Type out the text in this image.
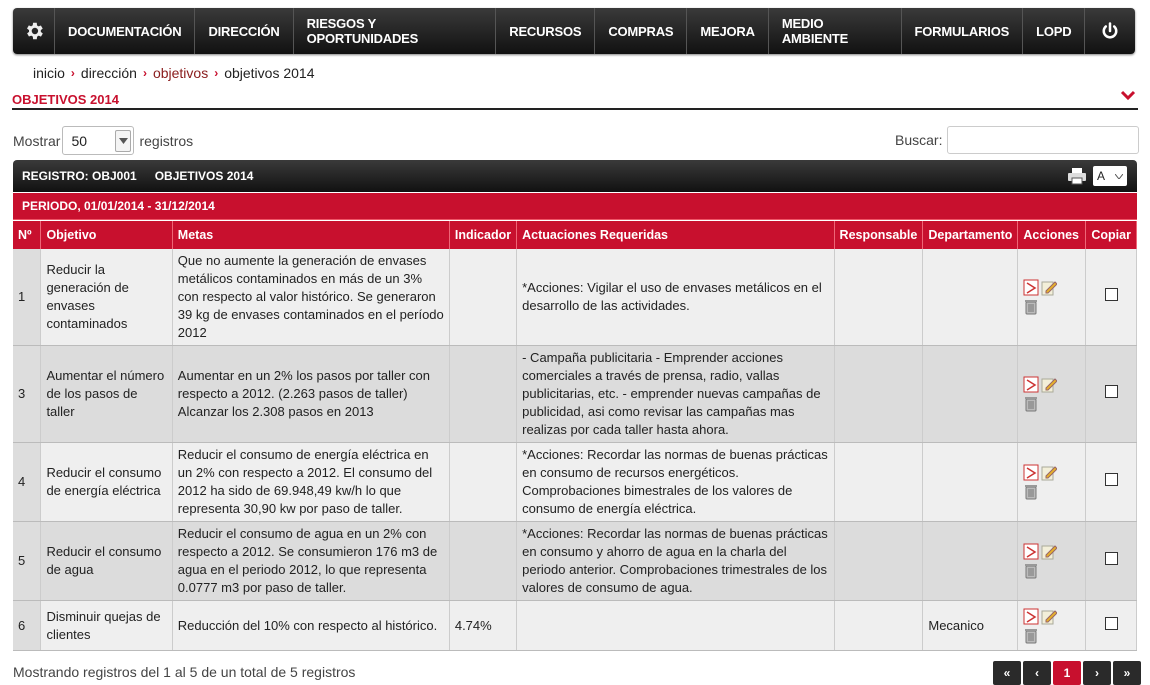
DOCUMENTACIÓN	DIRECCIÓN	RIESGOS Y OPORTUNIDADES	RECURSOS	COMPRAS	MEJORA	MEDIO AMBIENTE	FORMULARIOS	LOPD
inicio › dirección › objetivos › objetivos 2014
OBJETIVOS 2014
Mostrar 50	registros	Buscar:
REGISTRO: OBJ001 OBJETIVOS 2014	A
PERIODO, 01/01/2014 - 31/12/2014
Nº	Objetivo	Metas	Indicador	Actuaciones Requeridas	Responsable	Departamento	Acciones	Copiar
1	Reducir la generación de envases contaminados	Que no aumente la generación de envases metálicos contaminados en más de un 3% con respecto al valor histórico. Se generaron 39 kg de envases contaminados en el período 2012		*Acciones: Vigilar el uso de envases metálicos en el desarrollo de las actividades.			

3	Aumentar el número de los pasos de taller	Aumentar en un 2% los pasos por taller con respecto a 2012. (2.263 pasos de taller) Alcanzar los 2.308 pasos en 2013		- Campaña publicitaria - Emprender acciones comerciales a través de prensa, radio, vallas publicitarias, etc. - emprender nuevas campañas de publicidad, asi como revisar las campañas mas realizas por cada taller hasta ahora.			

4	Reducir el consumo de energía eléctrica	Reducir el consumo de energía eléctrica en un 2% con respecto a 2012. El consumo del 2012 ha sido de 69.948,49 kw/h lo que representa 30,90 kw por paso de taller.		*Acciones: Recordar las normas de buenas prácticas en consumo de recursos energéticos. Comprobaciones bimestrales de los valores de consumo de energía eléctrica.			

5	Reducir el consumo de agua	Reducir el consumo de agua en un 2% con respecto a 2012. Se consumieron 176 m3 de agua en el periodo 2012, lo que representa 0.0777 m3 por paso de taller.		*Acciones: Recordar las normas de buenas prácticas en consumo y ahorro de agua en la charla del periodo anterior. Comprobaciones trimestrales de los valores de consumo de agua.			

6	Disminuir quejas de clientes	Reducción del 10% con respecto al histórico.	4.74%			Mecanico	

Mostrando registros del 1 al 5 de un total de 5 registros	«	‹	1	›	»
